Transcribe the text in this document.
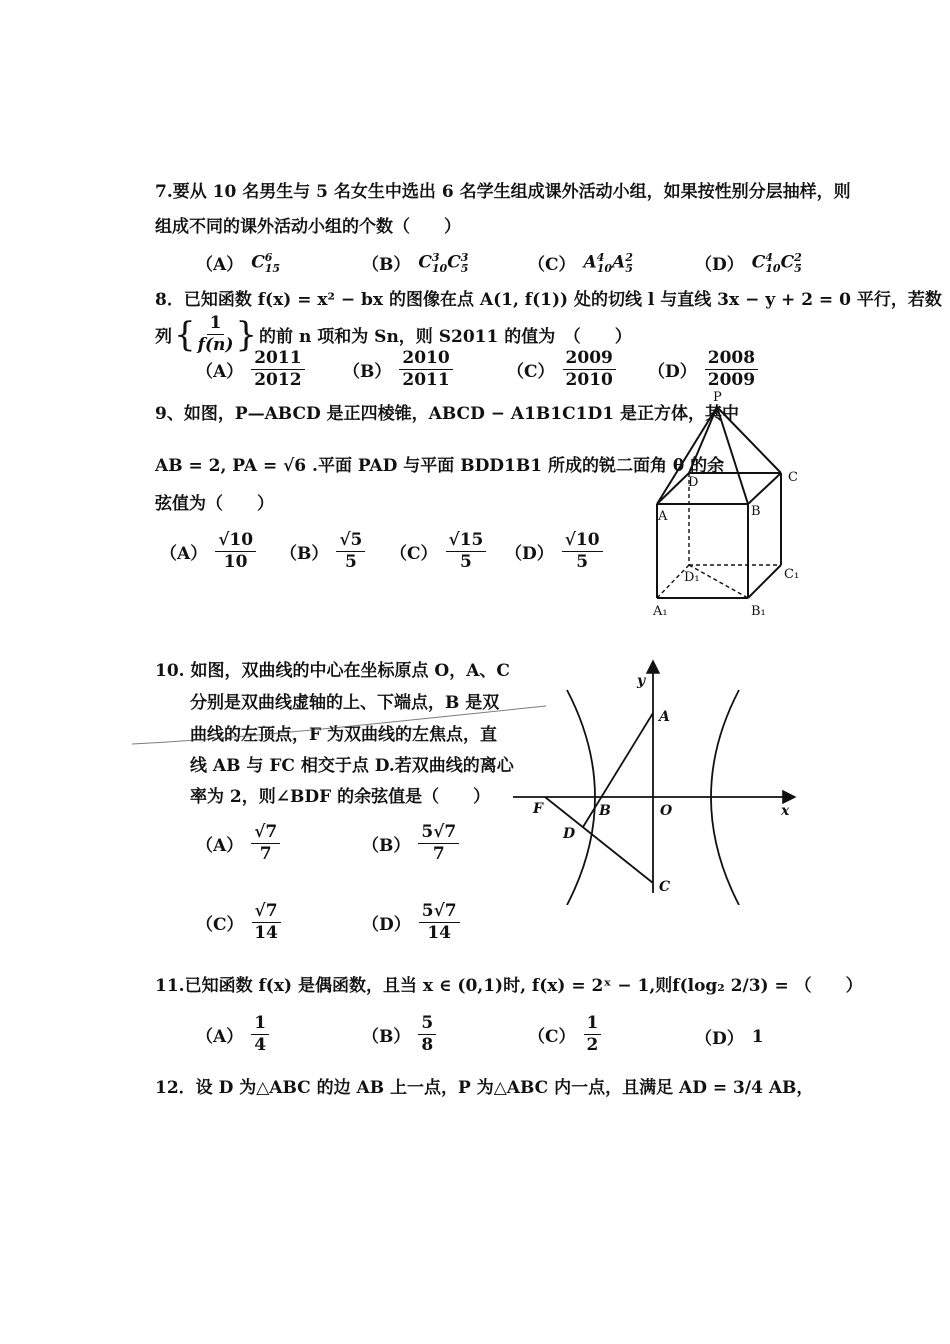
7.要从 10 名男生与 5 名女生中选出 6 名学生组成课外活动小组，如果按性别分层抽样，则
组成不同的课外活动小组的个数（　　）
（A） C 6
15	（B） C 3
10 C 3
5	（C） A 4
10 A 2
5	（D） C 4
10 C 2
5
8．已知函数 f(x) = x² − bx 的图像在点 A(1, f(1)) 处的切线 l 与直线 3x − y + 2 = 0 平行，若数
列 { $\frac{1}{f(n)}$ } 的前 n 项和为 Sn，则 S2011 的值为　（　　）
$(A) \frac{2011}{2012} (B) \frac{2010}{2011}$	$(C) \frac{2009}{2010} (D) \frac{2008}{2009}$
9、如图，P—ABCD 是正四棱锥，ABCD − A1B1C1D1 是正方体，其中
AB = 2, PA = √6 .平面 PAD 与平面 BDD1B1 所成的锐二面角 θ 的余
弦值为（　　）
$(A) \frac{√10}{10} (B) \frac{√5}{5} (C) \frac{√15}{5} (D) \frac{√10}{5}$
P
A	B
C
D
A₁	B₁
C₁
D₁
10. 如图，双曲线的中心在坐标原点 O，A、C
分别是双曲线虚轴的上、下端点，B 是双
曲线的左顶点，F 为双曲线的左焦点，直
线 AB 与 FC 相交于点 D.若双曲线的离心
率为 2，则∠BDF 的余弦值是（　　）
$(A) \frac{√7}{7}$	$(B) \frac{5√7}{7}$
$(C) \frac{√7}{14}$	$(D) \frac{5√7}{14}$
y
x
A
B
C
D
F	O
11.已知函数 f(x) 是偶函数，且当 x ∈ (0,1)时, f(x) = 2ˣ − 1,则f(log₂ 2/3) = （　　）
$(A) \frac{1}{4}$	$(B) \frac{5}{8}$	$(C) \frac{1}{2}$	（D） 1
12．设 D 为△ABC 的边 AB 上一点，P 为△ABC 内一点，且满足 AD = 3/4 AB，
